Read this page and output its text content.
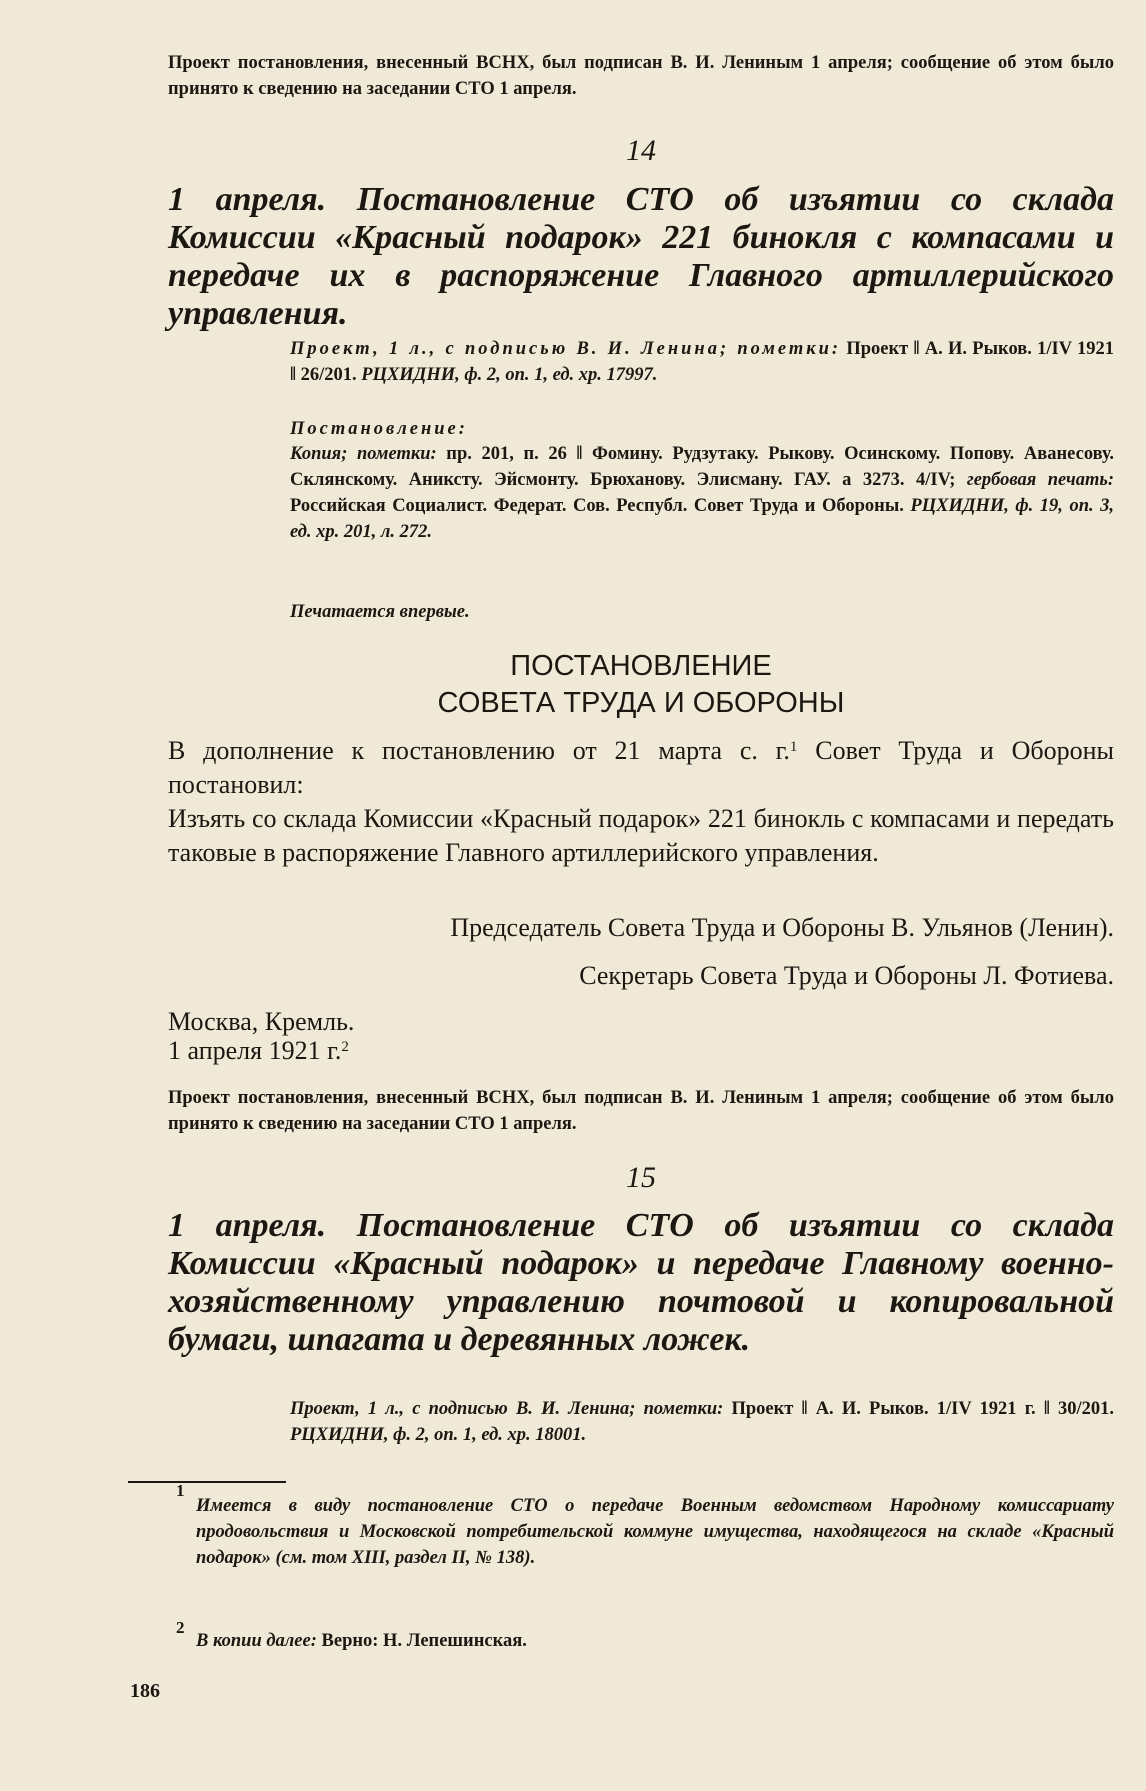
Проект постановления, внесенный ВСНХ, был подписан В. И. Лениным 1 апреля; сообщение об этом было принято к сведению на заседании СТО 1 апреля.

14

1 апреля. Постановление СТО об изъятии со склада Комиссии «Красный подарок» 221 бинокля с компасами и передаче их в распоряжение Главного артиллерийского управления.

Проект, 1 л., с подписью В. И. Ленина; пометки: Проект ‖ А. И. Рыков. 1/IV 1921 ‖ 26/201. РЦХИДНИ, ф. 2, оп. 1, ед. хр. 17997.

Постановление:

Копия; пометки: пр. 201, п. 26 ‖ Фомину. Рудзутаку. Рыкову. Осинскому. Попову. Аванесову. Склянскому. Аниксту. Эйсмонту. Брюханову. Элисману. ГАУ. а 3273. 4/IV; гербовая печать: Российская Социалист. Федерат. Сов. Республ. Совет Труда и Обороны. РЦХИДНИ, ф. 19, оп. 3, ед. хр. 201, л. 272.

Печатается впервые.

ПОСТАНОВЛЕНИЕ
СОВЕТА ТРУДА И ОБОРОНЫ

В дополнение к постановлению от 21 марта с. г.$^1$ Совет Труда и Обороны постановил:

Изъять со склада Комиссии «Красный подарок» 221 бинокль с компасами и передать таковые в распоряжение Главного артиллерийского управления.

Председатель Совета Труда и Обороны В. Ульянов (Ленин).

Секретарь Совета Труда и Обороны Л. Фотиева.

Москва, Кремль.

1 апреля 1921 г.$^2$

Проект постановления, внесенный ВСНХ, был подписан В. И. Лениным 1 апреля; сообщение об этом было принято к сведению на заседании СТО 1 апреля.

15

1 апреля. Постановление СТО об изъятии со склада Комиссии «Красный подарок» и передаче Главному военно-хозяйственному управлению почтовой и копировальной бумаги, шпагата и деревянных ложек.

Проект, 1 л., с подписью В. И. Ленина; пометки: Проект ‖ А. И. Рыков. 1/IV 1921 г. ‖ 30/201. РЦХИДНИ, ф. 2, оп. 1, ед. хр. 18001.

1

Имеется в виду постановление СТО о передаче Военным ведомством Народному комиссариату продовольствия и Московской потребительской коммуне имущества, находящегося на складе «Красный подарок» (см. том XIII, раздел II, № 138).

2

В копии далее: Верно: Н. Лепешинская.

186
